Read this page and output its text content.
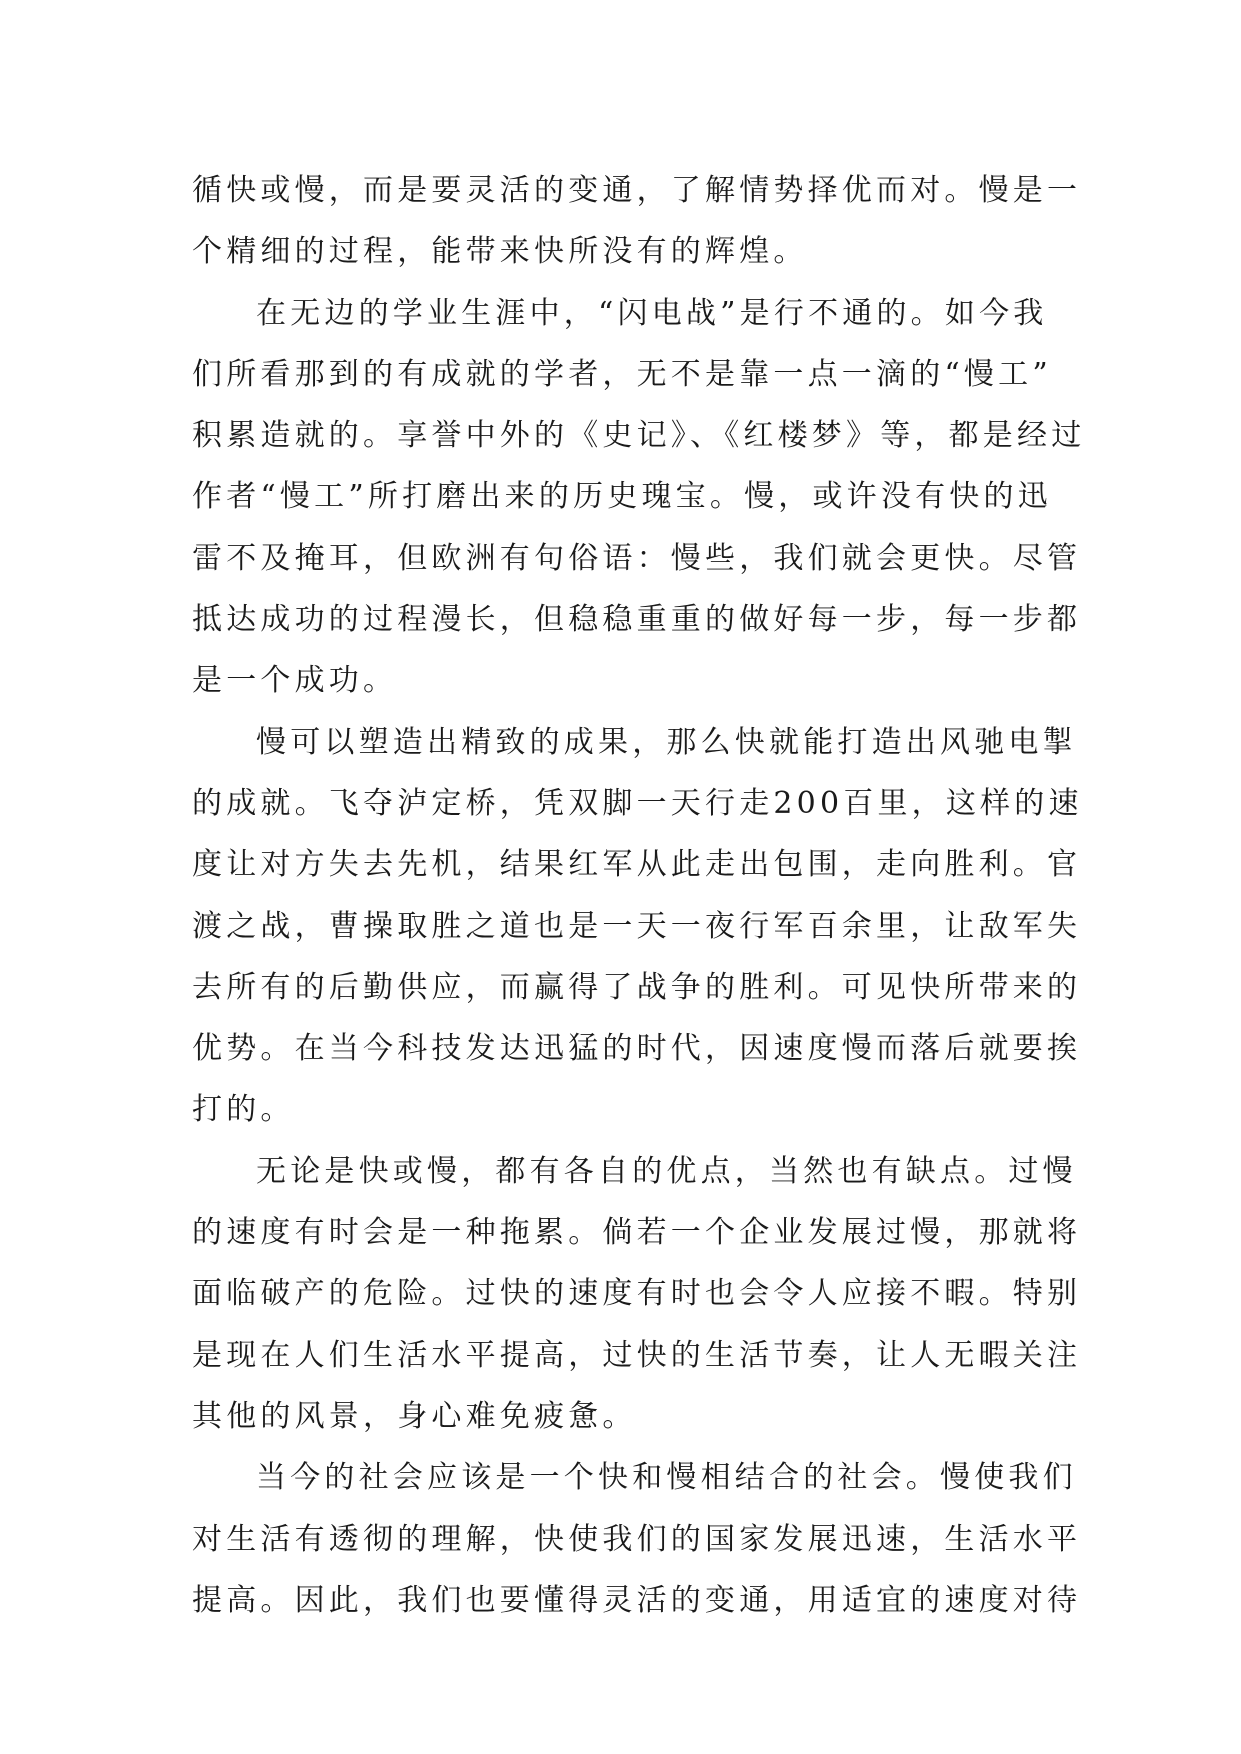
循快或慢，而是要灵活的变通，了解情势择优而对。慢是一
个精细的过程，能带来快所没有的辉煌。
在无边的学业生涯中，“闪电战”是行不通的。如今我
们所看那到的有成就的学者，无不是靠一点一滴的“慢工”
积累造就的。享誉中外的《史记》、《红楼梦》等，都是经过
作者“慢工”所打磨出来的历史瑰宝。慢，或许没有快的迅
雷不及掩耳，但欧洲有句俗语：慢些，我们就会更快。尽管
抵达成功的过程漫长，但稳稳重重的做好每一步，每一步都
是一个成功。
慢可以塑造出精致的成果，那么快就能打造出风驰电掣
的成就。飞夺泸定桥，凭双脚一天行走200百里，这样的速
度让对方失去先机，结果红军从此走出包围，走向胜利。官
渡之战，曹操取胜之道也是一天一夜行军百余里，让敌军失
去所有的后勤供应，而赢得了战争的胜利。可见快所带来的
优势。在当今科技发达迅猛的时代，因速度慢而落后就要挨
打的。
无论是快或慢，都有各自的优点，当然也有缺点。过慢
的速度有时会是一种拖累。倘若一个企业发展过慢，那就将
面临破产的危险。过快的速度有时也会令人应接不暇。特别
是现在人们生活水平提高，过快的生活节奏，让人无暇关注
其他的风景，身心难免疲惫。
当今的社会应该是一个快和慢相结合的社会。慢使我们
对生活有透彻的理解，快使我们的国家发展迅速，生活水平
提高。因此，我们也要懂得灵活的变通，用适宜的速度对待
